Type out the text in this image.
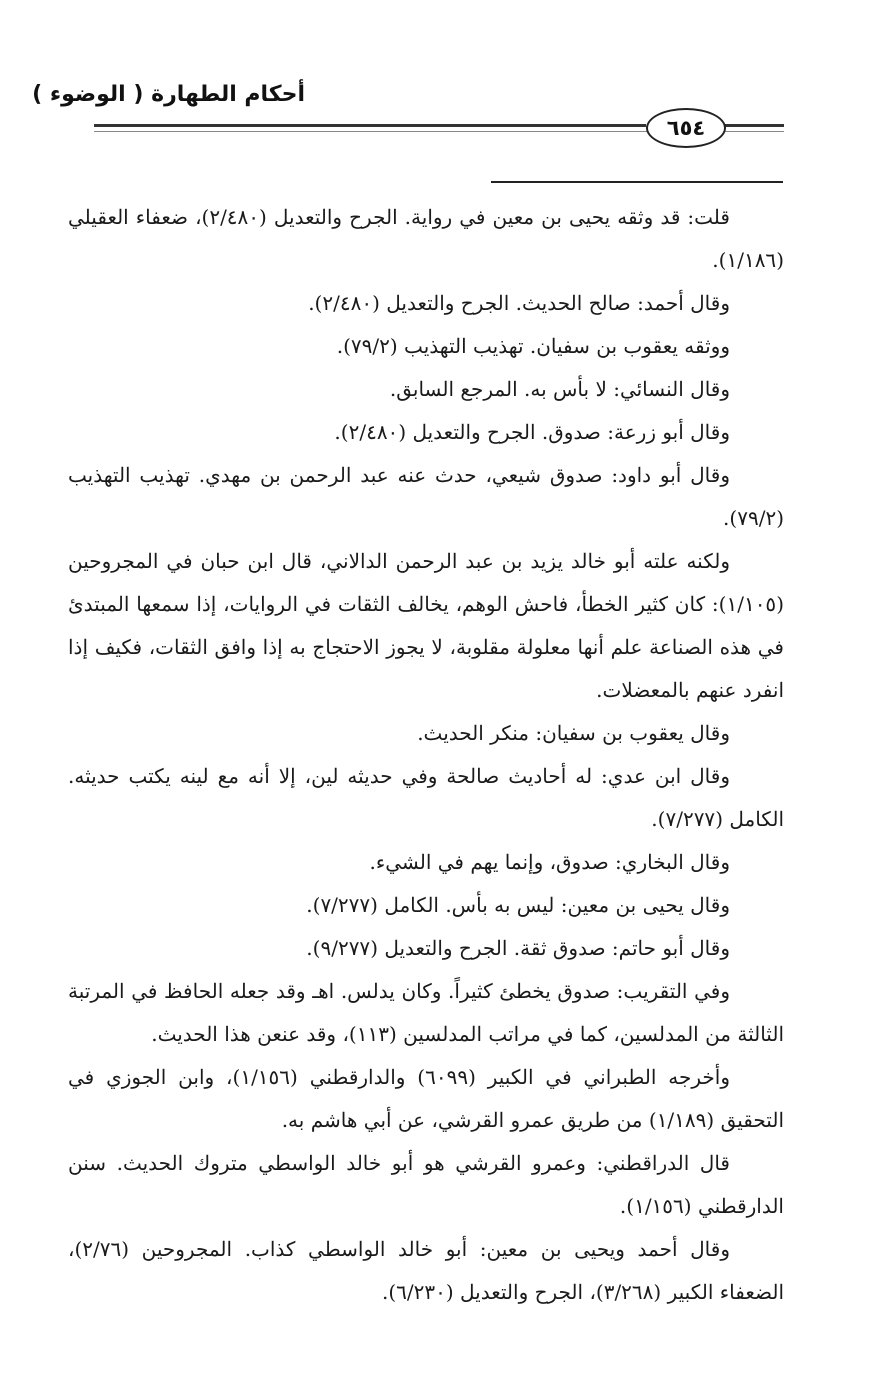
أحكام الطهارة ( الوضوء )
٦٥٤

قلت: قد وثقه يحيى بن معين في رواية. الجرح والتعديل (٢/٤٨٠)، ضعفاء العقيلي (١/١٨٦).

وقال أحمد: صالح الحديث. الجرح والتعديل (٢/٤٨٠).

ووثقه يعقوب بن سفيان. تهذيب التهذيب (٧٩/٢).

وقال النسائي: لا بأس به. المرجع السابق.

وقال أبو زرعة: صدوق. الجرح والتعديل (٢/٤٨٠).

وقال أبو داود: صدوق شيعي، حدث عنه عبد الرحمن بن مهدي. تهذيب التهذيب (٧٩/٢).

ولكنه علته أبو خالد يزيد بن عبد الرحمن الدالاني، قال ابن حبان في المجروحين (١/١٠٥): كان كثير الخطأ، فاحش الوهم، يخالف الثقات في الروايات، إذا سمعها المبتدئ في هذه الصناعة علم أنها معلولة مقلوبة، لا يجوز الاحتجاج به إذا وافق الثقات، فكيف إذا انفرد عنهم بالمعضلات.

وقال يعقوب بن سفيان: منكر الحديث.

وقال ابن عدي: له أحاديث صالحة وفي حديثه لين، إلا أنه مع لينه يكتب حديثه. الكامل (٧/٢٧٧).

وقال البخاري: صدوق، وإنما يهم في الشيء.

وقال يحيى بن معين: ليس به بأس. الكامل (٧/٢٧٧).

وقال أبو حاتم: صدوق ثقة. الجرح والتعديل (٩/٢٧٧).

وفي التقريب: صدوق يخطئ كثيراً. وكان يدلس. اهـ وقد جعله الحافظ في المرتبة الثالثة من المدلسين، كما في مراتب المدلسين (١١٣)، وقد عنعن هذا الحديث.

وأخرجه الطبراني في الكبير (٦٠٩٩) والدارقطني (١/١٥٦)، وابن الجوزي في التحقيق (١/١٨٩) من طريق عمرو القرشي، عن أبي هاشم به.

قال الدراقطني: وعمرو القرشي هو أبو خالد الواسطي متروك الحديث. سنن الدارقطني (١/١٥٦).

وقال أحمد ويحيى بن معين: أبو خالد الواسطي كذاب. المجروحين (٢/٧٦)، الضعفاء الكبير (٣/٢٦٨)، الجرح والتعديل (٦/٢٣٠).
